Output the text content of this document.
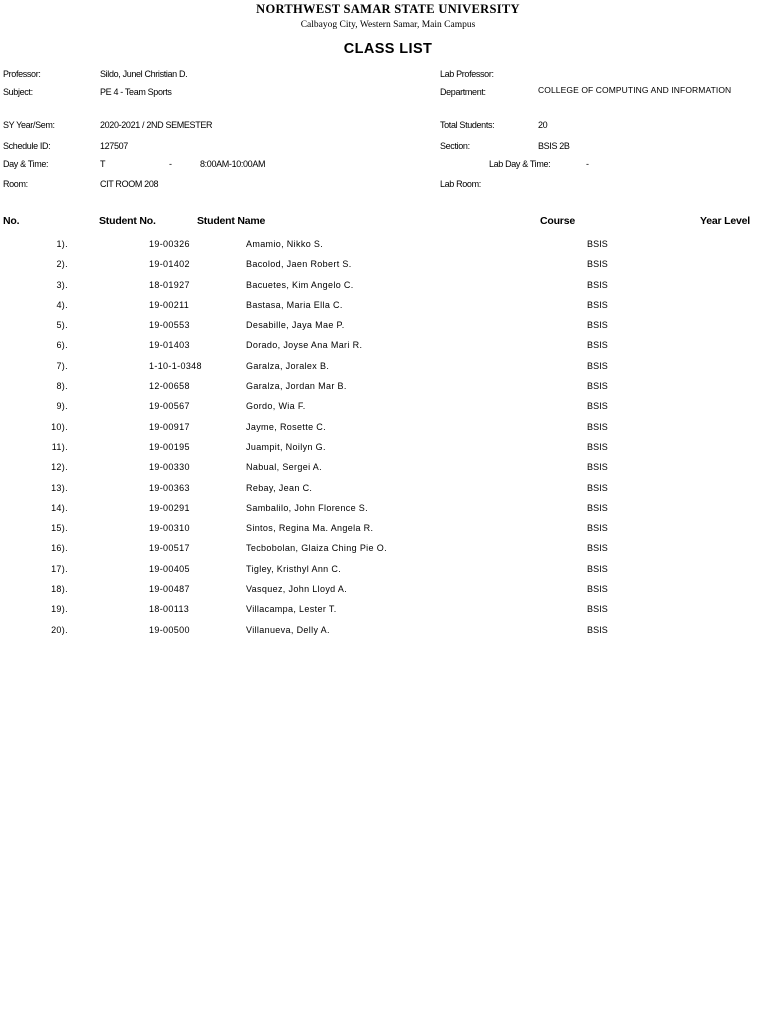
NORTHWEST SAMAR STATE UNIVERSITY
Calbayog City, Western Samar, Main Campus
CLASS LIST
Professor:	Sildo, Junel Christian D.
Subject:	PE 4 - Team Sports
SY Year/Sem:	2020-2021 / 2ND SEMESTER
Schedule ID:	127507
Day & Time:	T	-	8:00AM-10:00AM
Room:	CIT ROOM 208
Lab Professor:
Department:	COLLEGE OF COMPUTING AND INFORMATION
Total Students:	20
Section:	BSIS 2B
Lab Day & Time:	-
Lab Room:
No.	Student No.	Student Name	Course	Year Level
1).	19-00326	Amamio, Nikko S.	BSIS
2).	19-01402	Bacolod, Jaen Robert S.	BSIS
3).	18-01927	Bacuetes, Kim Angelo C.	BSIS
4).	19-00211	Bastasa, Maria Ella C.	BSIS
5).	19-00553	Desabille, Jaya Mae P.	BSIS
6).	19-01403	Dorado, Joyse Ana Mari R.	BSIS
7).	1-10-1-0348	Garalza, Joralex B.	BSIS
8).	12-00658	Garalza, Jordan Mar B.	BSIS
9).	19-00567	Gordo, Wia F.	BSIS
10).	19-00917	Jayme, Rosette C.	BSIS
11).	19-00195	Juampit, Noilyn G.	BSIS
12).	19-00330	Nabual, Sergei A.	BSIS
13).	19-00363	Rebay, Jean C.	BSIS
14).	19-00291	Sambalilo, John Florence S.	BSIS
15).	19-00310	Sintos, Regina Ma. Angela R.	BSIS
16).	19-00517	Tecbobolan, Glaiza Ching Pie O.	BSIS
17).	19-00405	Tigley, Kristhyl Ann C.	BSIS
18).	19-00487	Vasquez, John Lloyd A.	BSIS
19).	18-00113	Villacampa, Lester T.	BSIS
20).	19-00500	Villanueva, Delly A.	BSIS
